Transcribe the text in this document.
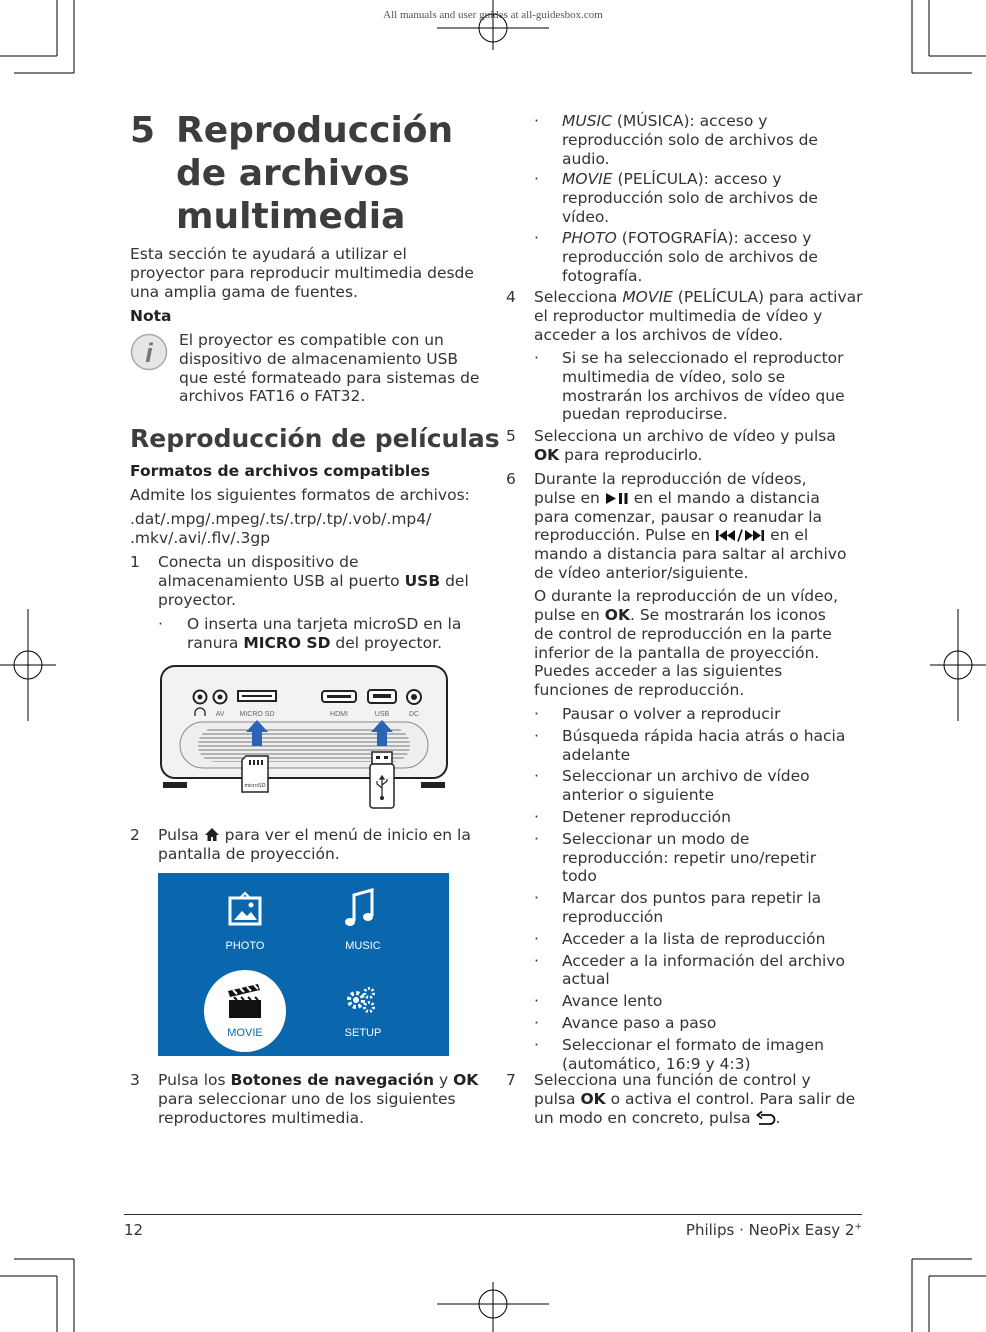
All manuals and user guides at all-guidesbox.com
5 Reproducción
de archivos
multimedia
Esta sección te ayudará a utilizar el
proyector para reproducir multimedia desde
una amplia gama de fuentes.
Nota
i El proyector es compatible con un
dispositivo de almacenamiento USB
que esté formateado para sistemas de
archivos FAT16 o FAT32.
Reproducción de películas
Formatos de archivos compatibles
Admite los siguientes formatos de archivos:
.dat/.mpg/.mpeg/.ts/.trp/.tp/.vob/.mp4/
.mkv/.avi/.flv/.3gp
1	Conecta un dispositivo de
almacenamiento USB al puerto USB del
proyector.
·	O inserta una tarjeta microSD en la
ranura MICRO SD del proyector.
AV MICRO SD	HDMI	USB	DC
microSD
2	Pulsa  para ver el menú de inicio en la
pantalla de proyección.
PHOTO	MUSIC
MOVIE	SETUP
3	Pulsa los Botones de navegación y OK
para seleccionar uno de los siguientes
reproductores multimedia.
·	MUSIC (MÚSICA): acceso y
reproducción solo de archivos de
audio.
·	MOVIE (PELÍCULA): acceso y
reproducción solo de archivos de
vídeo.
·	PHOTO (FOTOGRAFÍA): acceso y
reproducción solo de archivos de
fotografía.
4	Selecciona MOVIE (PELÍCULA) para activar
el reproductor multimedia de vídeo y
acceder a los archivos de vídeo.
·	Si se ha seleccionado el reproductor
multimedia de vídeo, solo se
mostrarán los archivos de vídeo que
puedan reproducirse.
5	Selecciona un archivo de vídeo y pulsa
OK para reproducirlo.
6	Durante la reproducción de vídeos,
pulse en  en el mando a distancia
para comenzar, pausar o reanudar la
reproducción. Pulse en	en el
mando a distancia para saltar al archivo
de vídeo anterior/siguiente.
O durante la reproducción de un vídeo,
pulse en OK. Se mostrarán los iconos
de control de reproducción en la parte
inferior de la pantalla de proyección.
Puedes acceder a las siguientes
funciones de reproducción.
·	Pausar o volver a reproducir
·	Búsqueda rápida hacia atrás o hacia
adelante
·	Seleccionar un archivo de vídeo
anterior o siguiente
·	Detener reproducción
·	Seleccionar un modo de
reproducción: repetir uno/repetir
todo
·	Marcar dos puntos para repetir la
reproducción
·	Acceder a la lista de reproducción
·	Acceder a la información del archivo
actual
·	Avance lento
·	Avance paso a paso
·	Seleccionar el formato de imagen
(automático, 16:9 y 4:3)
7	Selecciona una función de control y
pulsa OK o activa el control. Para salir de
un modo en concreto, pulsa .
12	Philips · NeoPix Easy 2+
